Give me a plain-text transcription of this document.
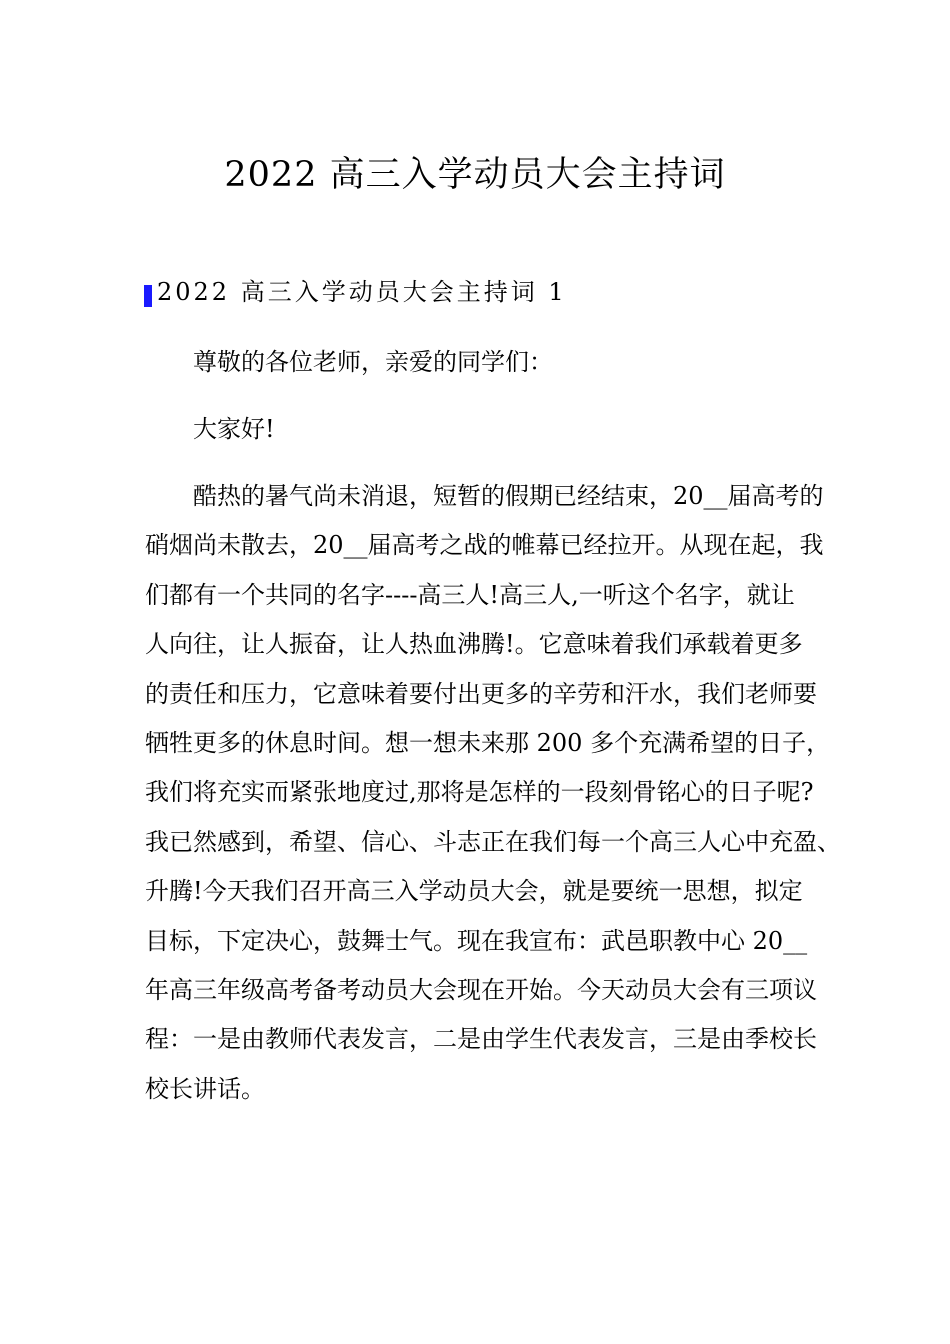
2022 高三入学动员大会主持词
2022 高三入学动员大会主持词 1
尊敬的各位老师，亲爱的同学们：
大家好!
酷热的暑气尚未消退，短暂的假期已经结束，20__届高考的
硝烟尚未散去，20__届高考之战的帷幕已经拉开。从现在起，我
们都有一个共同的名字----高三人!高三人,一听这个名字，就让
人向往，让人振奋，让人热血沸腾!。它意味着我们承载着更多
的责任和压力，它意味着要付出更多的辛劳和汗水，我们老师要
牺牲更多的休息时间。想一想未来那 200 多个充满希望的日子，
我们将充实而紧张地度过,那将是怎样的一段刻骨铭心的日子呢?
我已然感到，希望、信心、斗志正在我们每一个高三人心中充盈、
升腾!今天我们召开高三入学动员大会，就是要统一思想，拟定
目标，下定决心，鼓舞士气。现在我宣布：武邑职教中心 20__
年高三年级高考备考动员大会现在开始。今天动员大会有三项议
程：一是由教师代表发言，二是由学生代表发言，三是由季校长
校长讲话。
